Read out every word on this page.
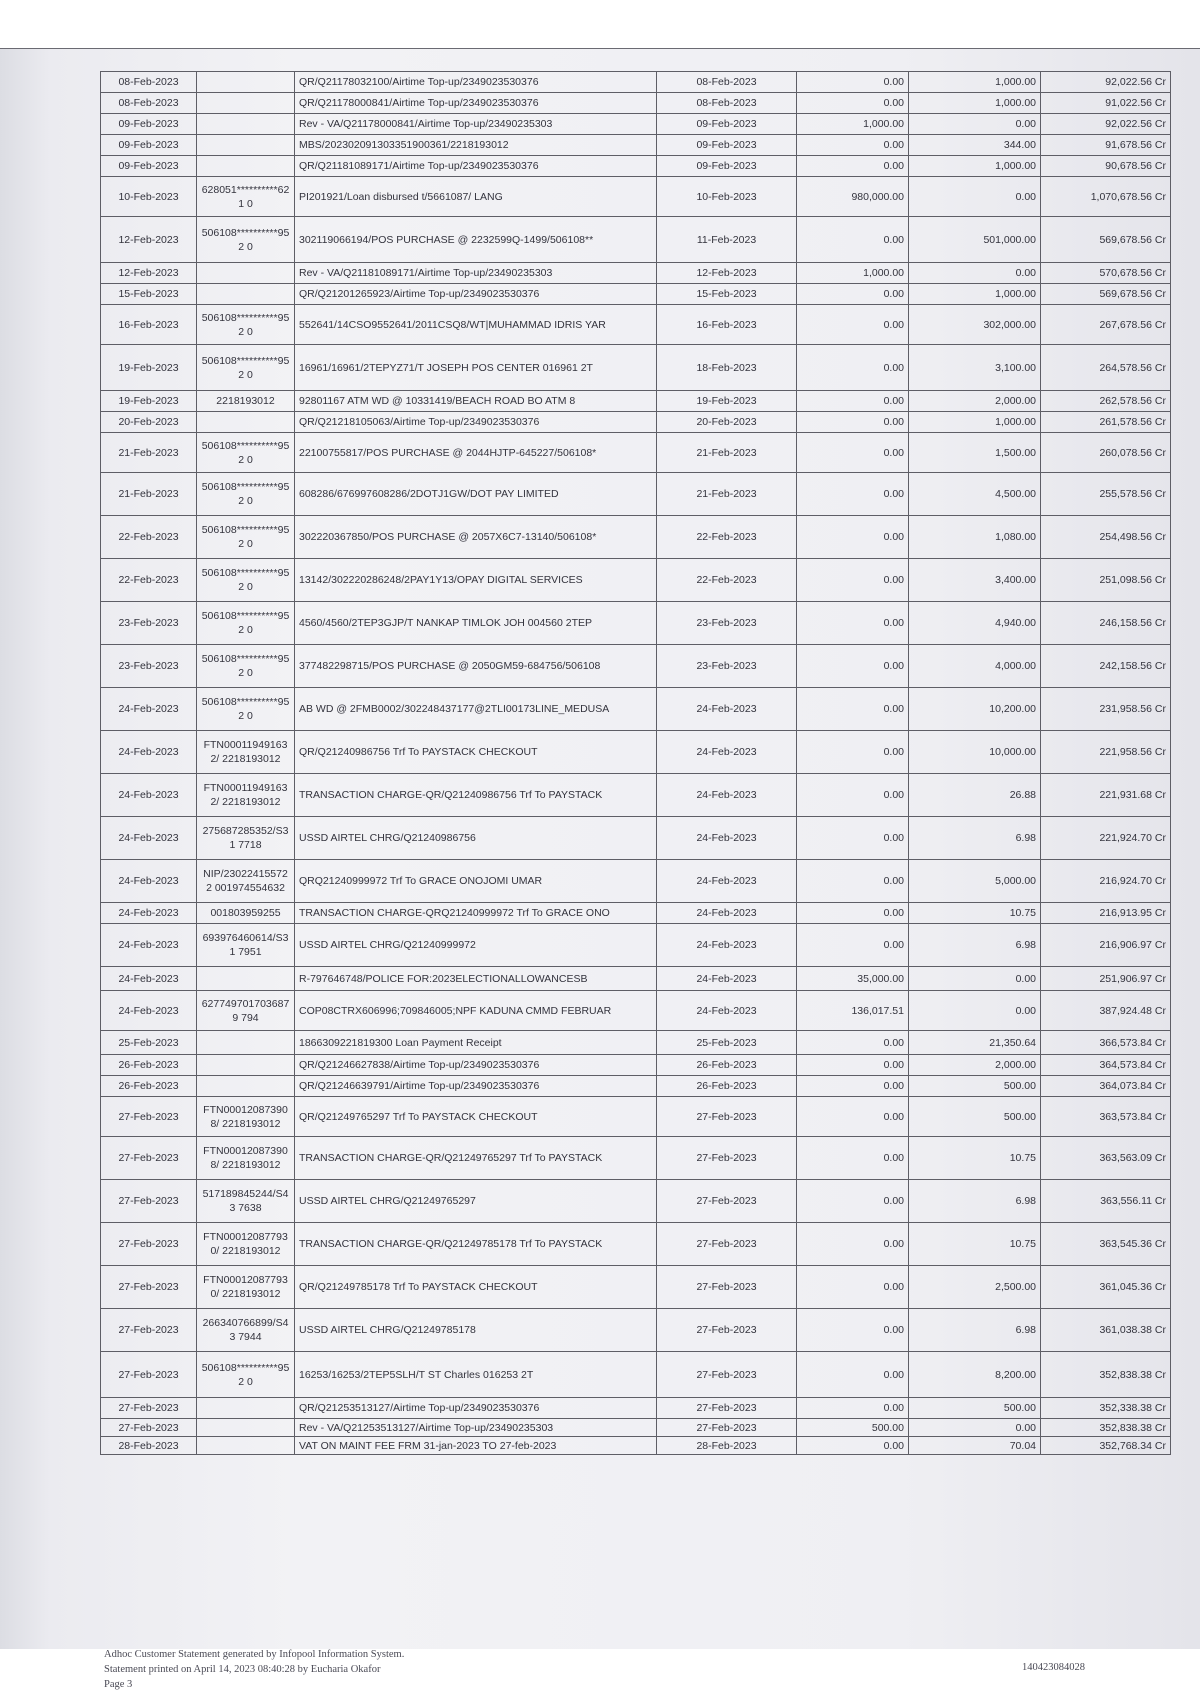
08-Feb-2023		QR/Q21178032100/Airtime Top-up/2349023530376	08-Feb-2023	0.00	1,000.00	92,022.56 Cr
08-Feb-2023		QR/Q21178000841/Airtime Top-up/2349023530376	08-Feb-2023	0.00	1,000.00	91,022.56 Cr
09-Feb-2023		Rev - VA/Q21178000841/Airtime Top-up/23490235303	09-Feb-2023	1,000.00	0.00	92,022.56 Cr
09-Feb-2023		MBS/202302091303351900361/2218193012	09-Feb-2023	0.00	344.00	91,678.56 Cr
09-Feb-2023		QR/Q21181089171/Airtime Top-up/2349023530376	09-Feb-2023	0.00	1,000.00	90,678.56 Cr
10-Feb-2023	628051**********621 0	PI201921/Loan disbursed t/5661087/ LANG	10-Feb-2023	980,000.00	0.00	1,070,678.56 Cr
12-Feb-2023	506108**********952 0	302119066194/POS PURCHASE @ 2232599Q-1499/506108**	11-Feb-2023	0.00	501,000.00	569,678.56 Cr
12-Feb-2023		Rev - VA/Q21181089171/Airtime Top-up/23490235303	12-Feb-2023	1,000.00	0.00	570,678.56 Cr
15-Feb-2023		QR/Q21201265923/Airtime Top-up/2349023530376	15-Feb-2023	0.00	1,000.00	569,678.56 Cr
16-Feb-2023	506108**********952 0	552641/14CSO9552641/2011CSQ8/WT|MUHAMMAD IDRIS YAR	16-Feb-2023	0.00	302,000.00	267,678.56 Cr
19-Feb-2023	506108**********952 0	16961/16961/2TEPYZ71/T JOSEPH POS CENTER 016961 2T	18-Feb-2023	0.00	3,100.00	264,578.56 Cr
19-Feb-2023	2218193012	92801167 ATM WD @ 10331419/BEACH ROAD BO ATM 8	19-Feb-2023	0.00	2,000.00	262,578.56 Cr
20-Feb-2023		QR/Q21218105063/Airtime Top-up/2349023530376	20-Feb-2023	0.00	1,000.00	261,578.56 Cr
21-Feb-2023	506108**********952 0	22100755817/POS PURCHASE @ 2044HJTP-645227/506108*	21-Feb-2023	0.00	1,500.00	260,078.56 Cr
21-Feb-2023	506108**********952 0	608286/676997608286/2DOTJ1GW/DOT PAY LIMITED	21-Feb-2023	0.00	4,500.00	255,578.56 Cr
22-Feb-2023	506108**********952 0	302220367850/POS PURCHASE @ 2057X6C7-13140/506108*	22-Feb-2023	0.00	1,080.00	254,498.56 Cr
22-Feb-2023	506108**********952 0	13142/302220286248/2PAY1Y13/OPAY DIGITAL SERVICES	22-Feb-2023	0.00	3,400.00	251,098.56 Cr
23-Feb-2023	506108**********952 0	4560/4560/2TEP3GJP/T NANKAP TIMLOK JOH 004560 2TEP	23-Feb-2023	0.00	4,940.00	246,158.56 Cr
23-Feb-2023	506108**********952 0	377482298715/POS PURCHASE @ 2050GM59-684756/506108	23-Feb-2023	0.00	4,000.00	242,158.56 Cr
24-Feb-2023	506108**********952 0	AB WD @ 2FMB0002/302248437177@2TLI00173LINE_MEDUSA	24-Feb-2023	0.00	10,200.00	231,958.56 Cr
24-Feb-2023	FTN000119491632/ 2218193012	QR/Q21240986756 Trf To PAYSTACK CHECKOUT	24-Feb-2023	0.00	10,000.00	221,958.56 Cr
24-Feb-2023	FTN000119491632/ 2218193012	TRANSACTION CHARGE-QR/Q21240986756 Trf To PAYSTACK	24-Feb-2023	0.00	26.88	221,931.68 Cr
24-Feb-2023	275687285352/S31 7718	USSD AIRTEL CHRG/Q21240986756	24-Feb-2023	0.00	6.98	221,924.70 Cr
24-Feb-2023	NIP/230224155722 001974554632	QRQ21240999972 Trf To GRACE ONOJOMI UMAR	24-Feb-2023	0.00	5,000.00	216,924.70 Cr
24-Feb-2023	001803959255	TRANSACTION CHARGE-QRQ21240999972 Trf To GRACE ONO	24-Feb-2023	0.00	10.75	216,913.95 Cr
24-Feb-2023	693976460614/S31 7951	USSD AIRTEL CHRG/Q21240999972	24-Feb-2023	0.00	6.98	216,906.97 Cr
24-Feb-2023		R-797646748/POLICE FOR:2023ELECTIONALLOWANCESB	24-Feb-2023	35,000.00	0.00	251,906.97 Cr
24-Feb-2023	6277497017036879 794	COP08CTRX606996;709846005;NPF KADUNA CMMD FEBRUAR	24-Feb-2023	136,017.51	0.00	387,924.48 Cr
25-Feb-2023		1866309221819300 Loan Payment Receipt	25-Feb-2023	0.00	21,350.64	366,573.84 Cr
26-Feb-2023		QR/Q21246627838/Airtime Top-up/2349023530376	26-Feb-2023	0.00	2,000.00	364,573.84 Cr
26-Feb-2023		QR/Q21246639791/Airtime Top-up/2349023530376	26-Feb-2023	0.00	500.00	364,073.84 Cr
27-Feb-2023	FTN000120873908/ 2218193012	QR/Q21249765297 Trf To PAYSTACK CHECKOUT	27-Feb-2023	0.00	500.00	363,573.84 Cr
27-Feb-2023	FTN000120873908/ 2218193012	TRANSACTION CHARGE-QR/Q21249765297 Trf To PAYSTACK	27-Feb-2023	0.00	10.75	363,563.09 Cr
27-Feb-2023	517189845244/S43 7638	USSD AIRTEL CHRG/Q21249765297	27-Feb-2023	0.00	6.98	363,556.11 Cr
27-Feb-2023	FTN000120877930/ 2218193012	TRANSACTION CHARGE-QR/Q21249785178 Trf To PAYSTACK	27-Feb-2023	0.00	10.75	363,545.36 Cr
27-Feb-2023	FTN000120877930/ 2218193012	QR/Q21249785178 Trf To PAYSTACK CHECKOUT	27-Feb-2023	0.00	2,500.00	361,045.36 Cr
27-Feb-2023	266340766899/S43 7944	USSD AIRTEL CHRG/Q21249785178	27-Feb-2023	0.00	6.98	361,038.38 Cr
27-Feb-2023	506108**********952 0	16253/16253/2TEP5SLH/T ST Charles 016253 2T	27-Feb-2023	0.00	8,200.00	352,838.38 Cr
27-Feb-2023		QR/Q21253513127/Airtime Top-up/2349023530376	27-Feb-2023	0.00	500.00	352,338.38 Cr
27-Feb-2023		Rev - VA/Q21253513127/Airtime Top-up/23490235303	27-Feb-2023	500.00	0.00	352,838.38 Cr
28-Feb-2023		VAT ON MAINT FEE FRM 31-jan-2023 TO 27-feb-2023	28-Feb-2023	0.00	70.04	352,768.34 Cr
Adhoc Customer Statement generated by Infopool Information System.
Statement printed on April 14, 2023 08:40:28 by Eucharia Okafor
Page 3
140423084028
